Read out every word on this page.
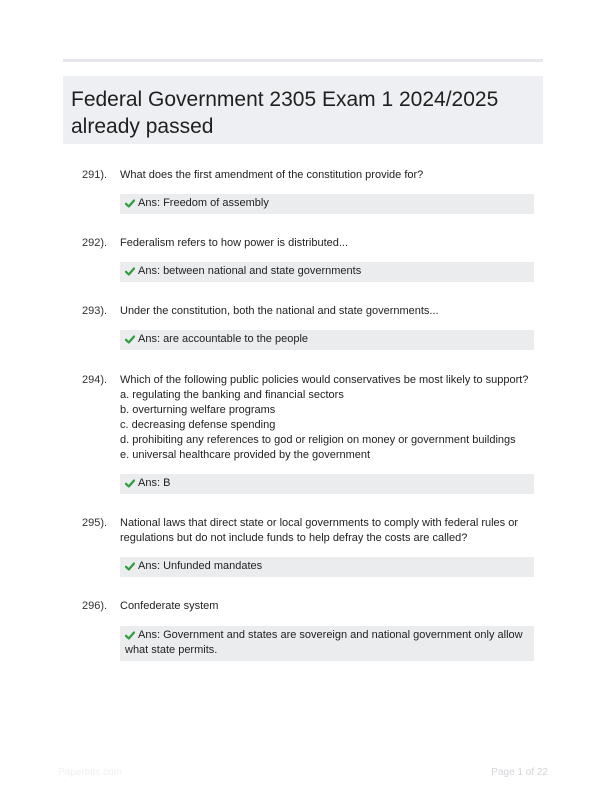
Federal Government 2305 Exam 1 2024/2025
already passed
291). What does the first amendment of the constitution provide for?
Ans: Freedom of assembly
292). Federalism refers to how power is distributed...
Ans: between national and state governments
293). Under the constitution, both the national and state governments...
Ans: are accountable to the people
294). Which of the following public policies would conservatives be most likely to support?
a. regulating the banking and financial sectors
b. overturning welfare programs
c. decreasing defense spending
d. prohibiting any references to god or religion on money or government buildings
e. universal healthcare provided by the government
Ans: B
295). National laws that direct state or local governments to comply with federal rules or
regulations but do not include funds to help defray the costs are called?
Ans: Unfunded mandates
296). Confederate system
Ans: Government and states are sovereign and national government only allow
what state permits.
Paperbits.com	Page 1 of 22
